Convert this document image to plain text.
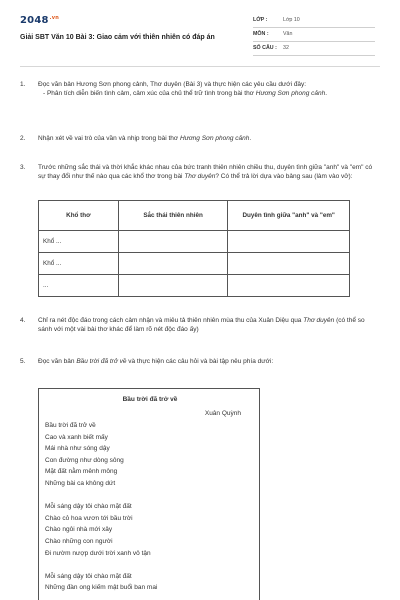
$2048^{.vn}$
Giải SBT Văn 10 Bài 3: Giao cảm với thiên nhiên có đáp án
LỚP :	Lớp 10
MÔN :	Văn
SỐ CÂU :	32
1.	Đọc văn bản Hương Sơn phong cảnh, Thơ duyên (Bài 3) và thực hiện các yêu cầu dưới đây:

- Phân tích diễn biến tình cảm, cảm xúc của chủ thể trữ tình trong bài thơ Hương Sơn phong cảnh.

2.	Nhận xét về vai trò của vần và nhịp trong bài thơ Hương Sơn phong cảnh.

3.	Trước những sắc thái và thời khắc khác nhau của bức tranh thiên nhiên chiều thu, duyên tình giữa "anh" và "em" có sự thay đổi như thế nào qua các khổ thơ trong bài Thơ duyên? Có thể trả lời dựa vào bảng sau (làm vào vở):

Khổ thơ	Sắc thái thiên nhiên	Duyên tình giữa "anh" và "em"
Khổ ...		
Khổ ...		
...		
4.	Chỉ ra nét độc đáo trong cách cảm nhận và miêu tả thiên nhiên mùa thu của Xuân Diệu qua Thơ duyên (có thể so sánh với một vài bài thơ khác để làm rõ nét độc đáo ấy)

5.	Đọc văn bản Bầu trời đã trở về và thực hiện các câu hỏi và bài tập nêu phía dưới:

Bầu trời đã trở về
Xuân Quỳnh
Bầu trời đã trở về
Cao và xanh biết mấy
Mái nhà như sóng dậy
Con đường như dòng sông
Mặt đất nằm mênh mông
Những bài ca không dứt
Mỗi sáng dậy tôi chào mặt đất
Chào cỏ hoa vươn tới bầu trời
Chào ngôi nhà mới xây
Chào những con người
Đi nườm nượp dưới trời xanh vô tận
Mỗi sáng dậy tôi chào mặt đất
Những đàn ong kiếm mật buổi ban mai
